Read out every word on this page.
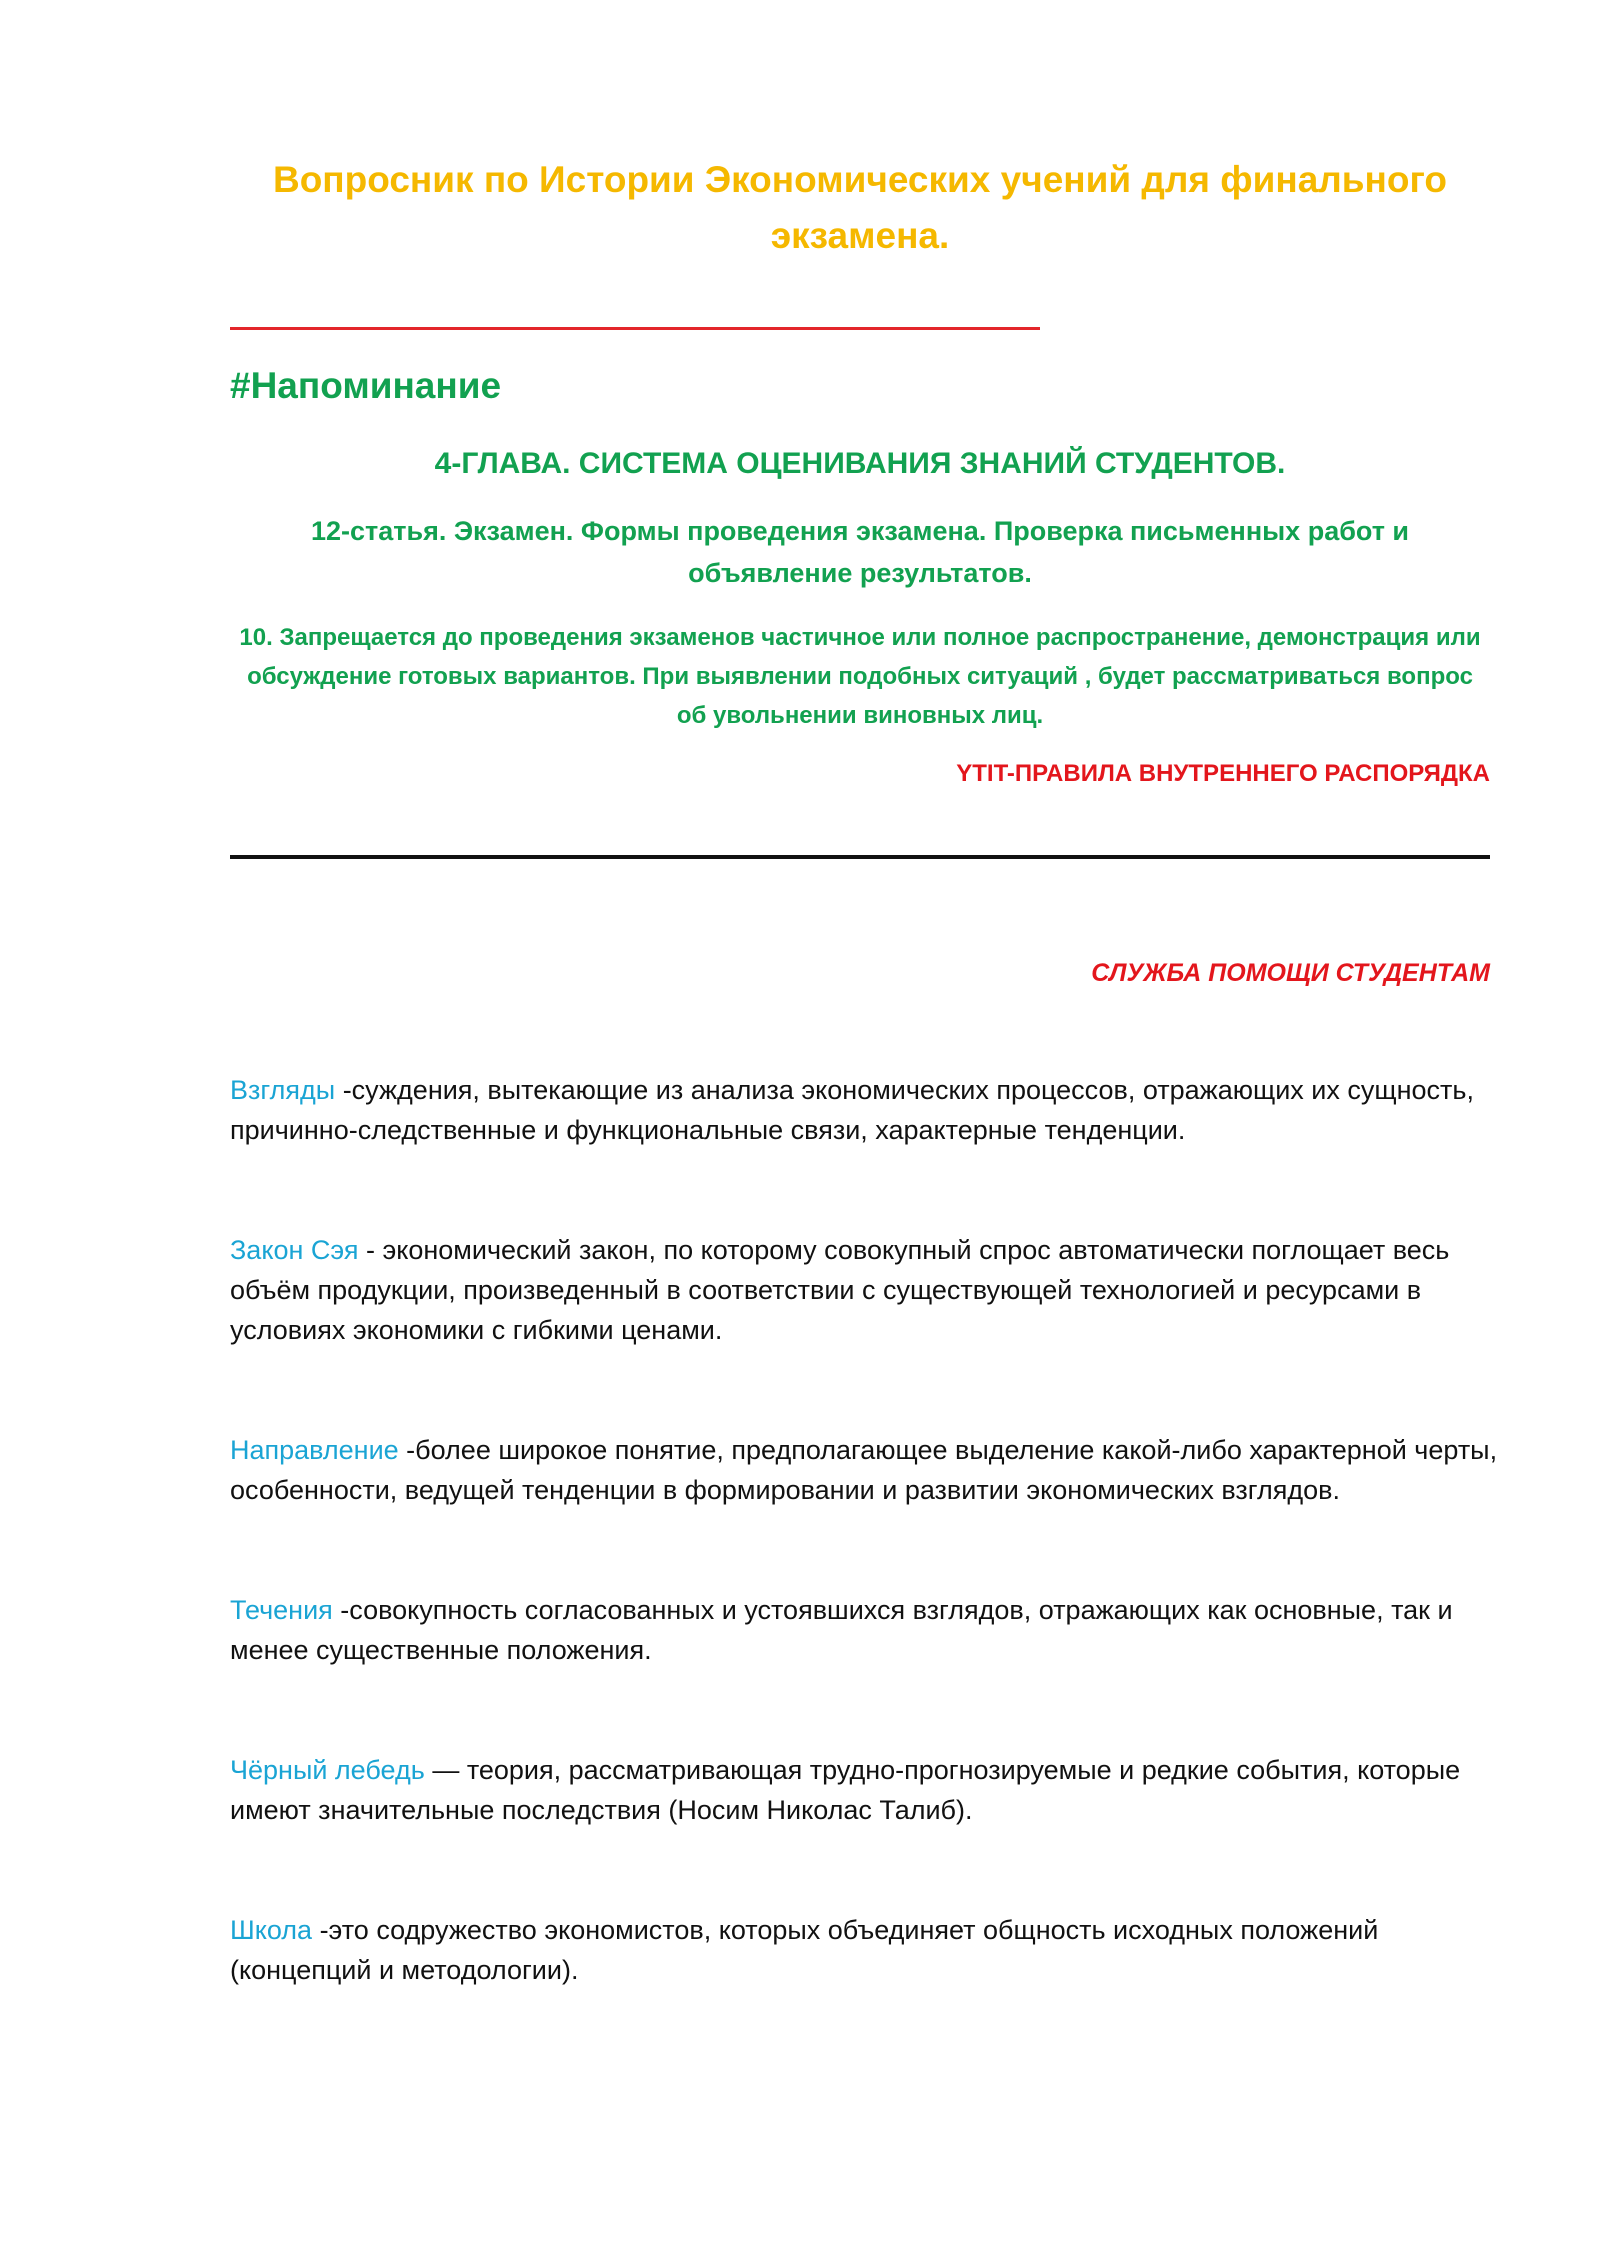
Вопросник по Истории Экономических учений для финального экзамена.
#Напоминание
4-ГЛАВА. СИСТЕМА ОЦЕНИВАНИЯ ЗНАНИЙ СТУДЕНТОВ.
12-статья. Экзамен. Формы проведения экзамена. Проверка письменных работ и объявление результатов.
10. Запрещается до проведения экзаменов частичное или полное распространение, демонстрация или обсуждение готовых вариантов. При выявлении подобных ситуаций , будет рассматриваться вопрос об увольнении виновных лиц.
YTIT-ПРАВИЛА ВНУТРЕННЕГО РАСПОРЯДКА
СЛУЖБА ПОМОЩИ СТУДЕНТАМ
Взгляды -суждения, вытекающие из анализа экономических процессов, отражающих их сущность, причинно-следственные и функциональные связи, характерные тенденции.
Закон Сэя - экономический закон, по которому совокупный спрос автоматически поглощает весь объём продукции, произведенный в соответствии с существующей технологией и ресурсами в условиях экономики с гибкими ценами.
Направление -более широкое понятие, предполагающее выделение какой-либо характерной черты, особенности, ведущей тенденции в формировании и развитии экономических взглядов.
Течения -совокупность согласованных и устоявшихся взглядов, отражающих как основные, так и менее существенные положения.
Чёрный лебедь — теория, рассматривающая трудно-прогнозируемые и редкие события, которые имеют значительные последствия (Носим Николас Талиб).
Школа -это содружество экономистов, которых объединяет общность исходных положений (концепций и методологии).
